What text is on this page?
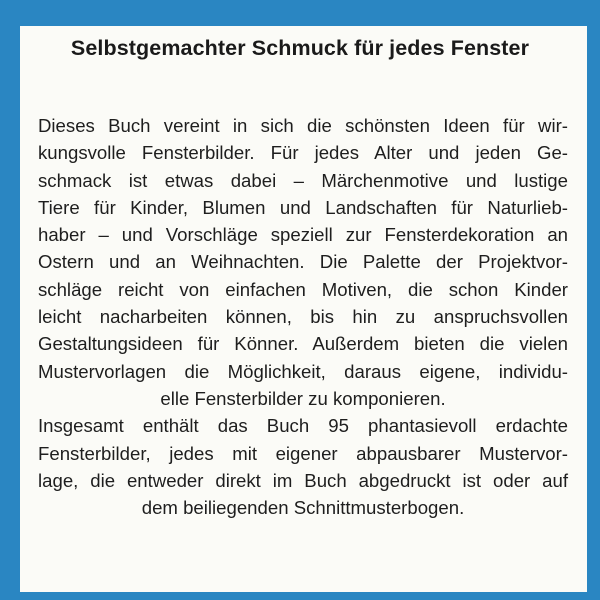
Selbstgemachter Schmuck für jedes Fenster
Dieses Buch vereint in sich die schönsten Ideen für wir-
kungsvolle Fensterbilder. Für jedes Alter und jeden Ge-
schmack ist etwas dabei – Märchenmotive und lustige
Tiere für Kinder, Blumen und Landschaften für Naturlieb-
haber – und Vorschläge speziell zur Fensterdekoration an
Ostern und an Weihnachten. Die Palette der Projektvor-
schläge reicht von einfachen Motiven, die schon Kinder
leicht nacharbeiten können, bis hin zu anspruchsvollen
Gestaltungsideen für Könner. Außerdem bieten die vielen
Mustervorlagen die Möglichkeit, daraus eigene, individu-
elle Fensterbilder zu komponieren.
Insgesamt enthält das Buch 95 phantasievoll erdachte
Fensterbilder, jedes mit eigener abpausbarer Mustervor-
lage, die entweder direkt im Buch abgedruckt ist oder auf
dem beiliegenden Schnittmusterbogen.
